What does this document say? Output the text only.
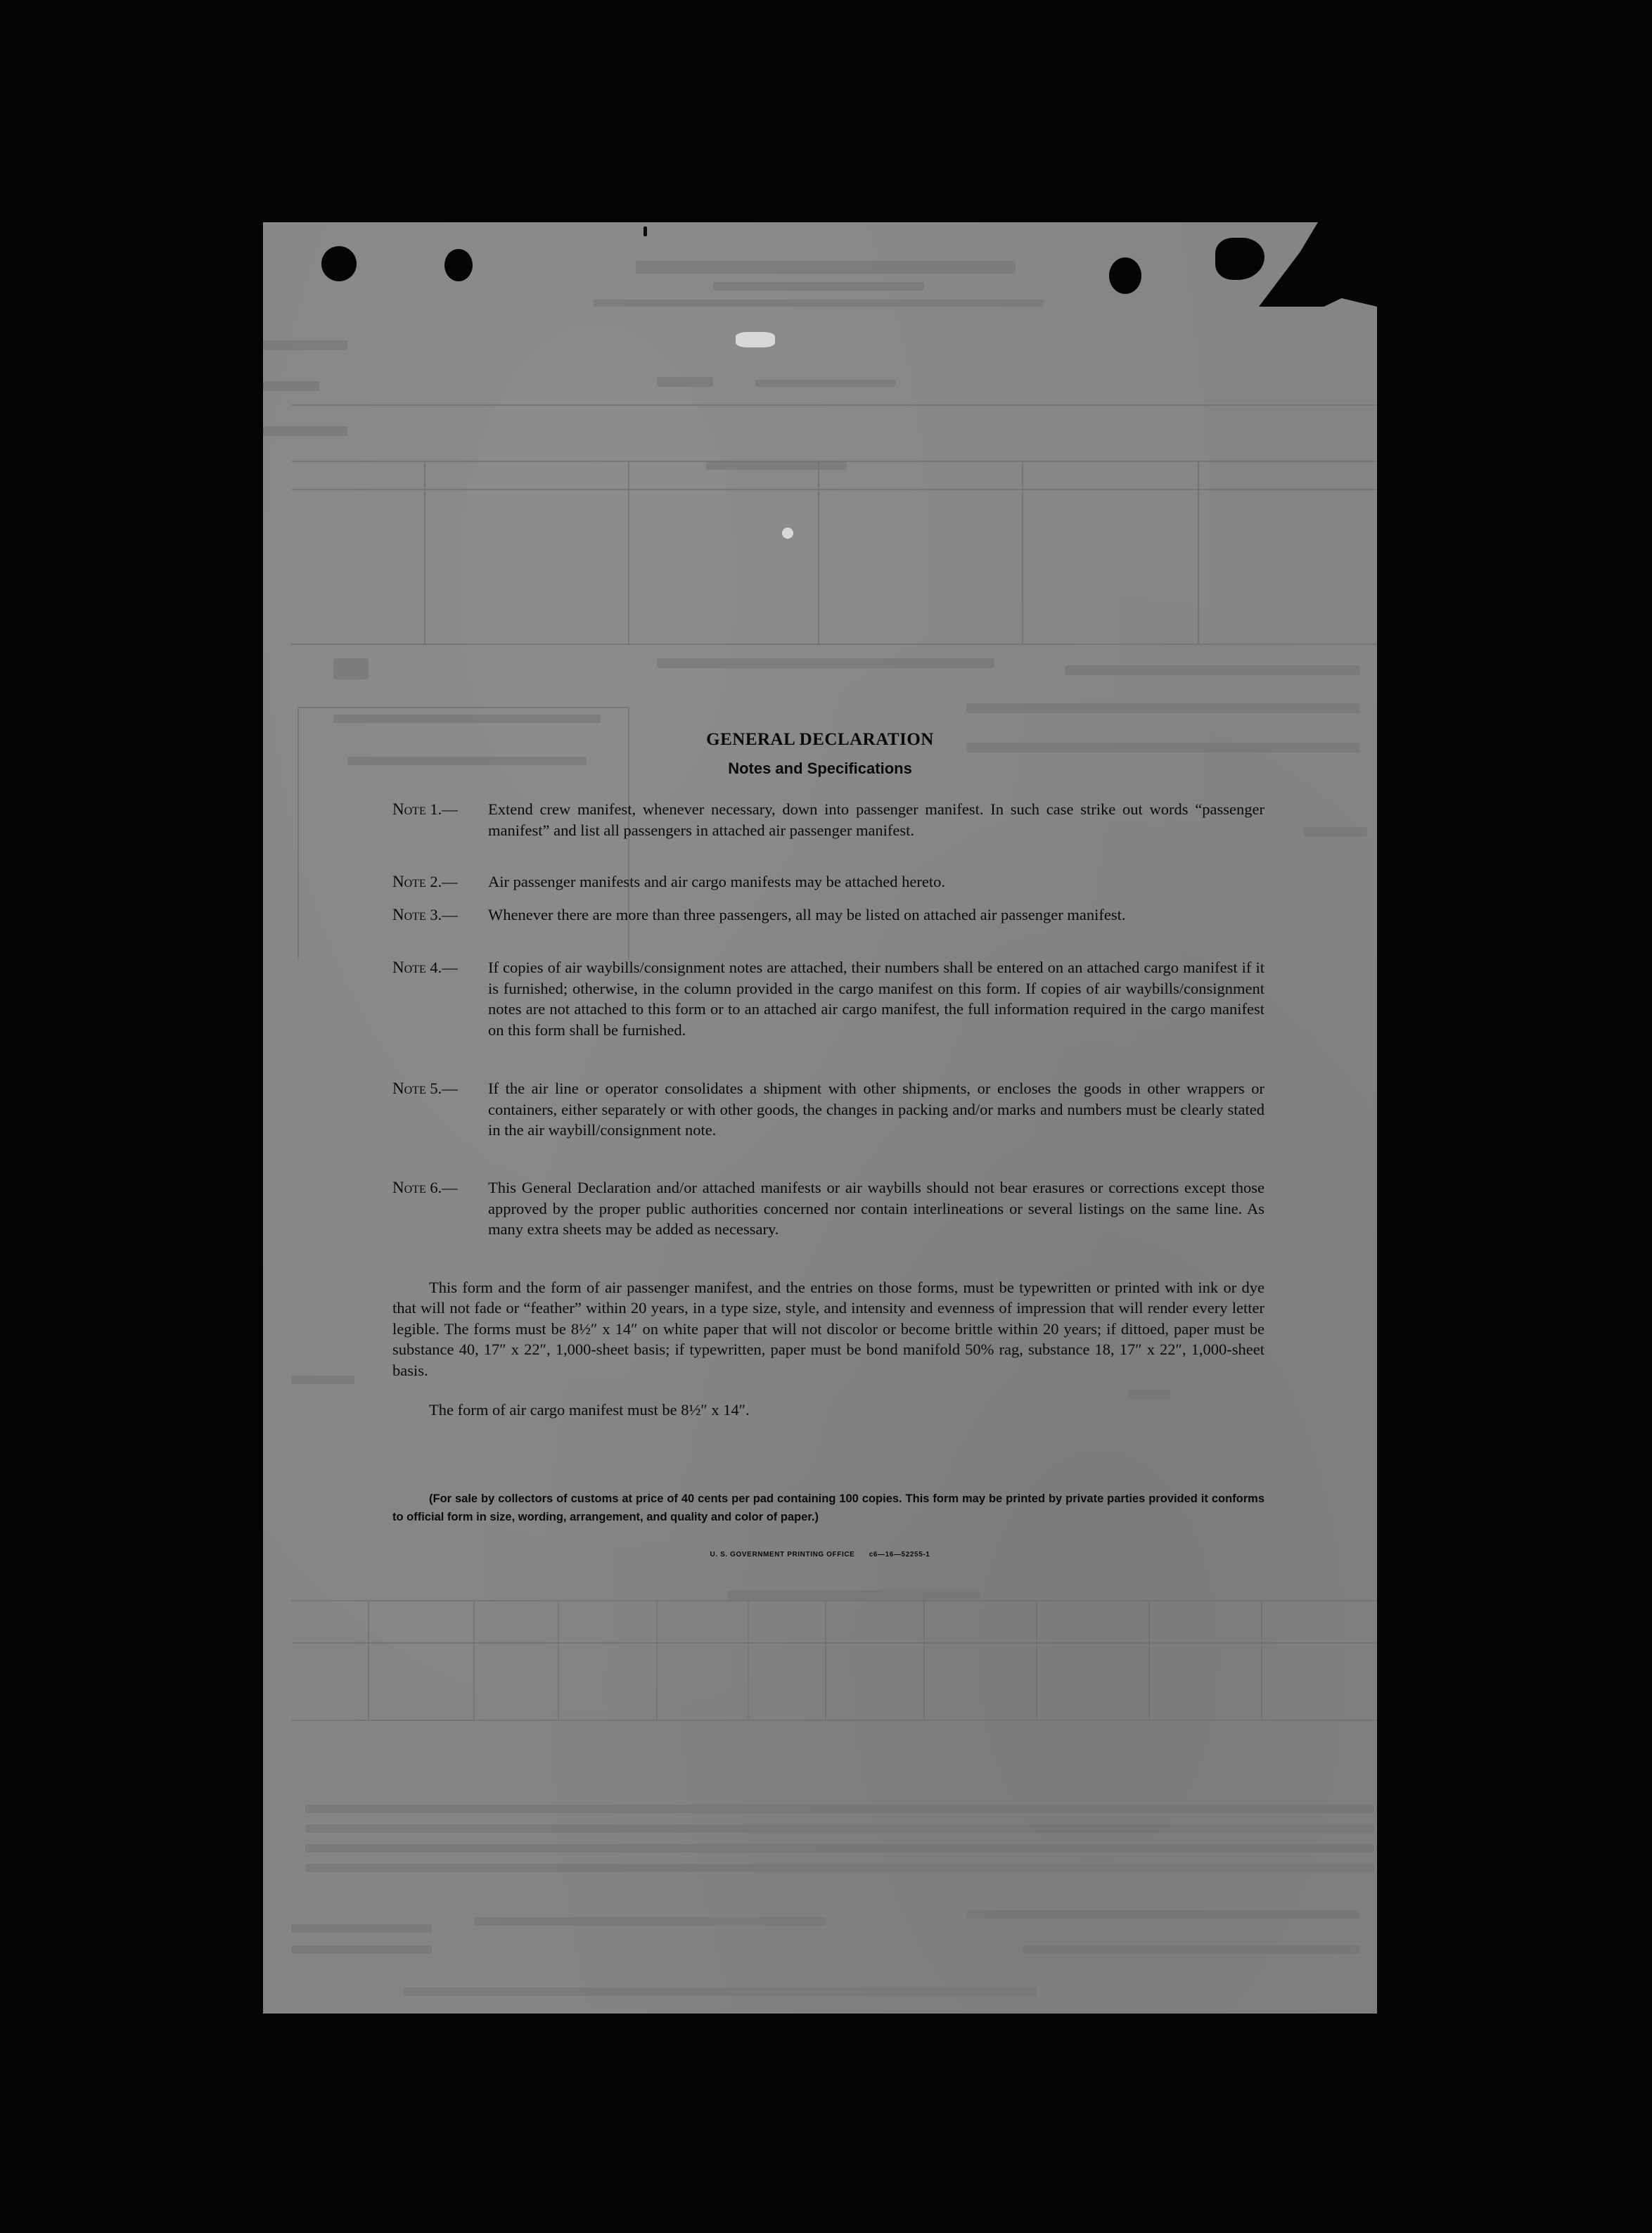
GENERAL DECLARATION
Notes and Specifications
Note 1.—	Extend crew manifest, whenever necessary, down into passenger manifest. In such case strike out words “passenger manifest” and list all passengers in attached air passenger manifest.
Note 2.—	Air passenger manifests and air cargo manifests may be attached hereto.
Note 3.—	Whenever there are more than three passengers, all may be listed on attached air passenger manifest.
Note 4.—	If copies of air waybills/consignment notes are attached, their numbers shall be entered on an attached cargo manifest if it is furnished; otherwise, in the column provided in the cargo manifest on this form. If copies of air waybills/consignment notes are not attached to this form or to an attached air cargo manifest, the full information required in the cargo manifest on this form shall be furnished.
Note 5.—	If the air line or operator consolidates a shipment with other shipments, or encloses the goods in other wrappers or containers, either separately or with other goods, the changes in packing and/or marks and numbers must be clearly stated in the air waybill/consignment note.
Note 6.—	This General Declaration and/or attached manifests or air waybills should not bear erasures or corrections except those approved by the proper public authorities concerned nor contain interlineations or several listings on the same line. As many extra sheets may be added as necessary.
This form and the form of air passenger manifest, and the entries on those forms, must be typewritten or printed with ink or dye that will not fade or “feather” within 20 years, in a type size, style, and intensity and evenness of impression that will render every letter legible. The forms must be 8½″ x 14″ on white paper that will not discolor or become brittle within 20 years; if dittoed, paper must be substance 40, 17″ x 22″, 1,000-sheet basis; if typewritten, paper must be bond manifold 50% rag, substance 18, 17″ x 22″, 1,000-sheet basis.
The form of air cargo manifest must be 8½″ x 14″.
(For sale by collectors of customs at price of 40 cents per pad containing 100 copies. This form may be printed by private parties provided it conforms to official form in size, wording, arrangement, and quality and color of paper.)
U. S. GOVERNMENT PRINTING OFFICE c6—16—52255-1
